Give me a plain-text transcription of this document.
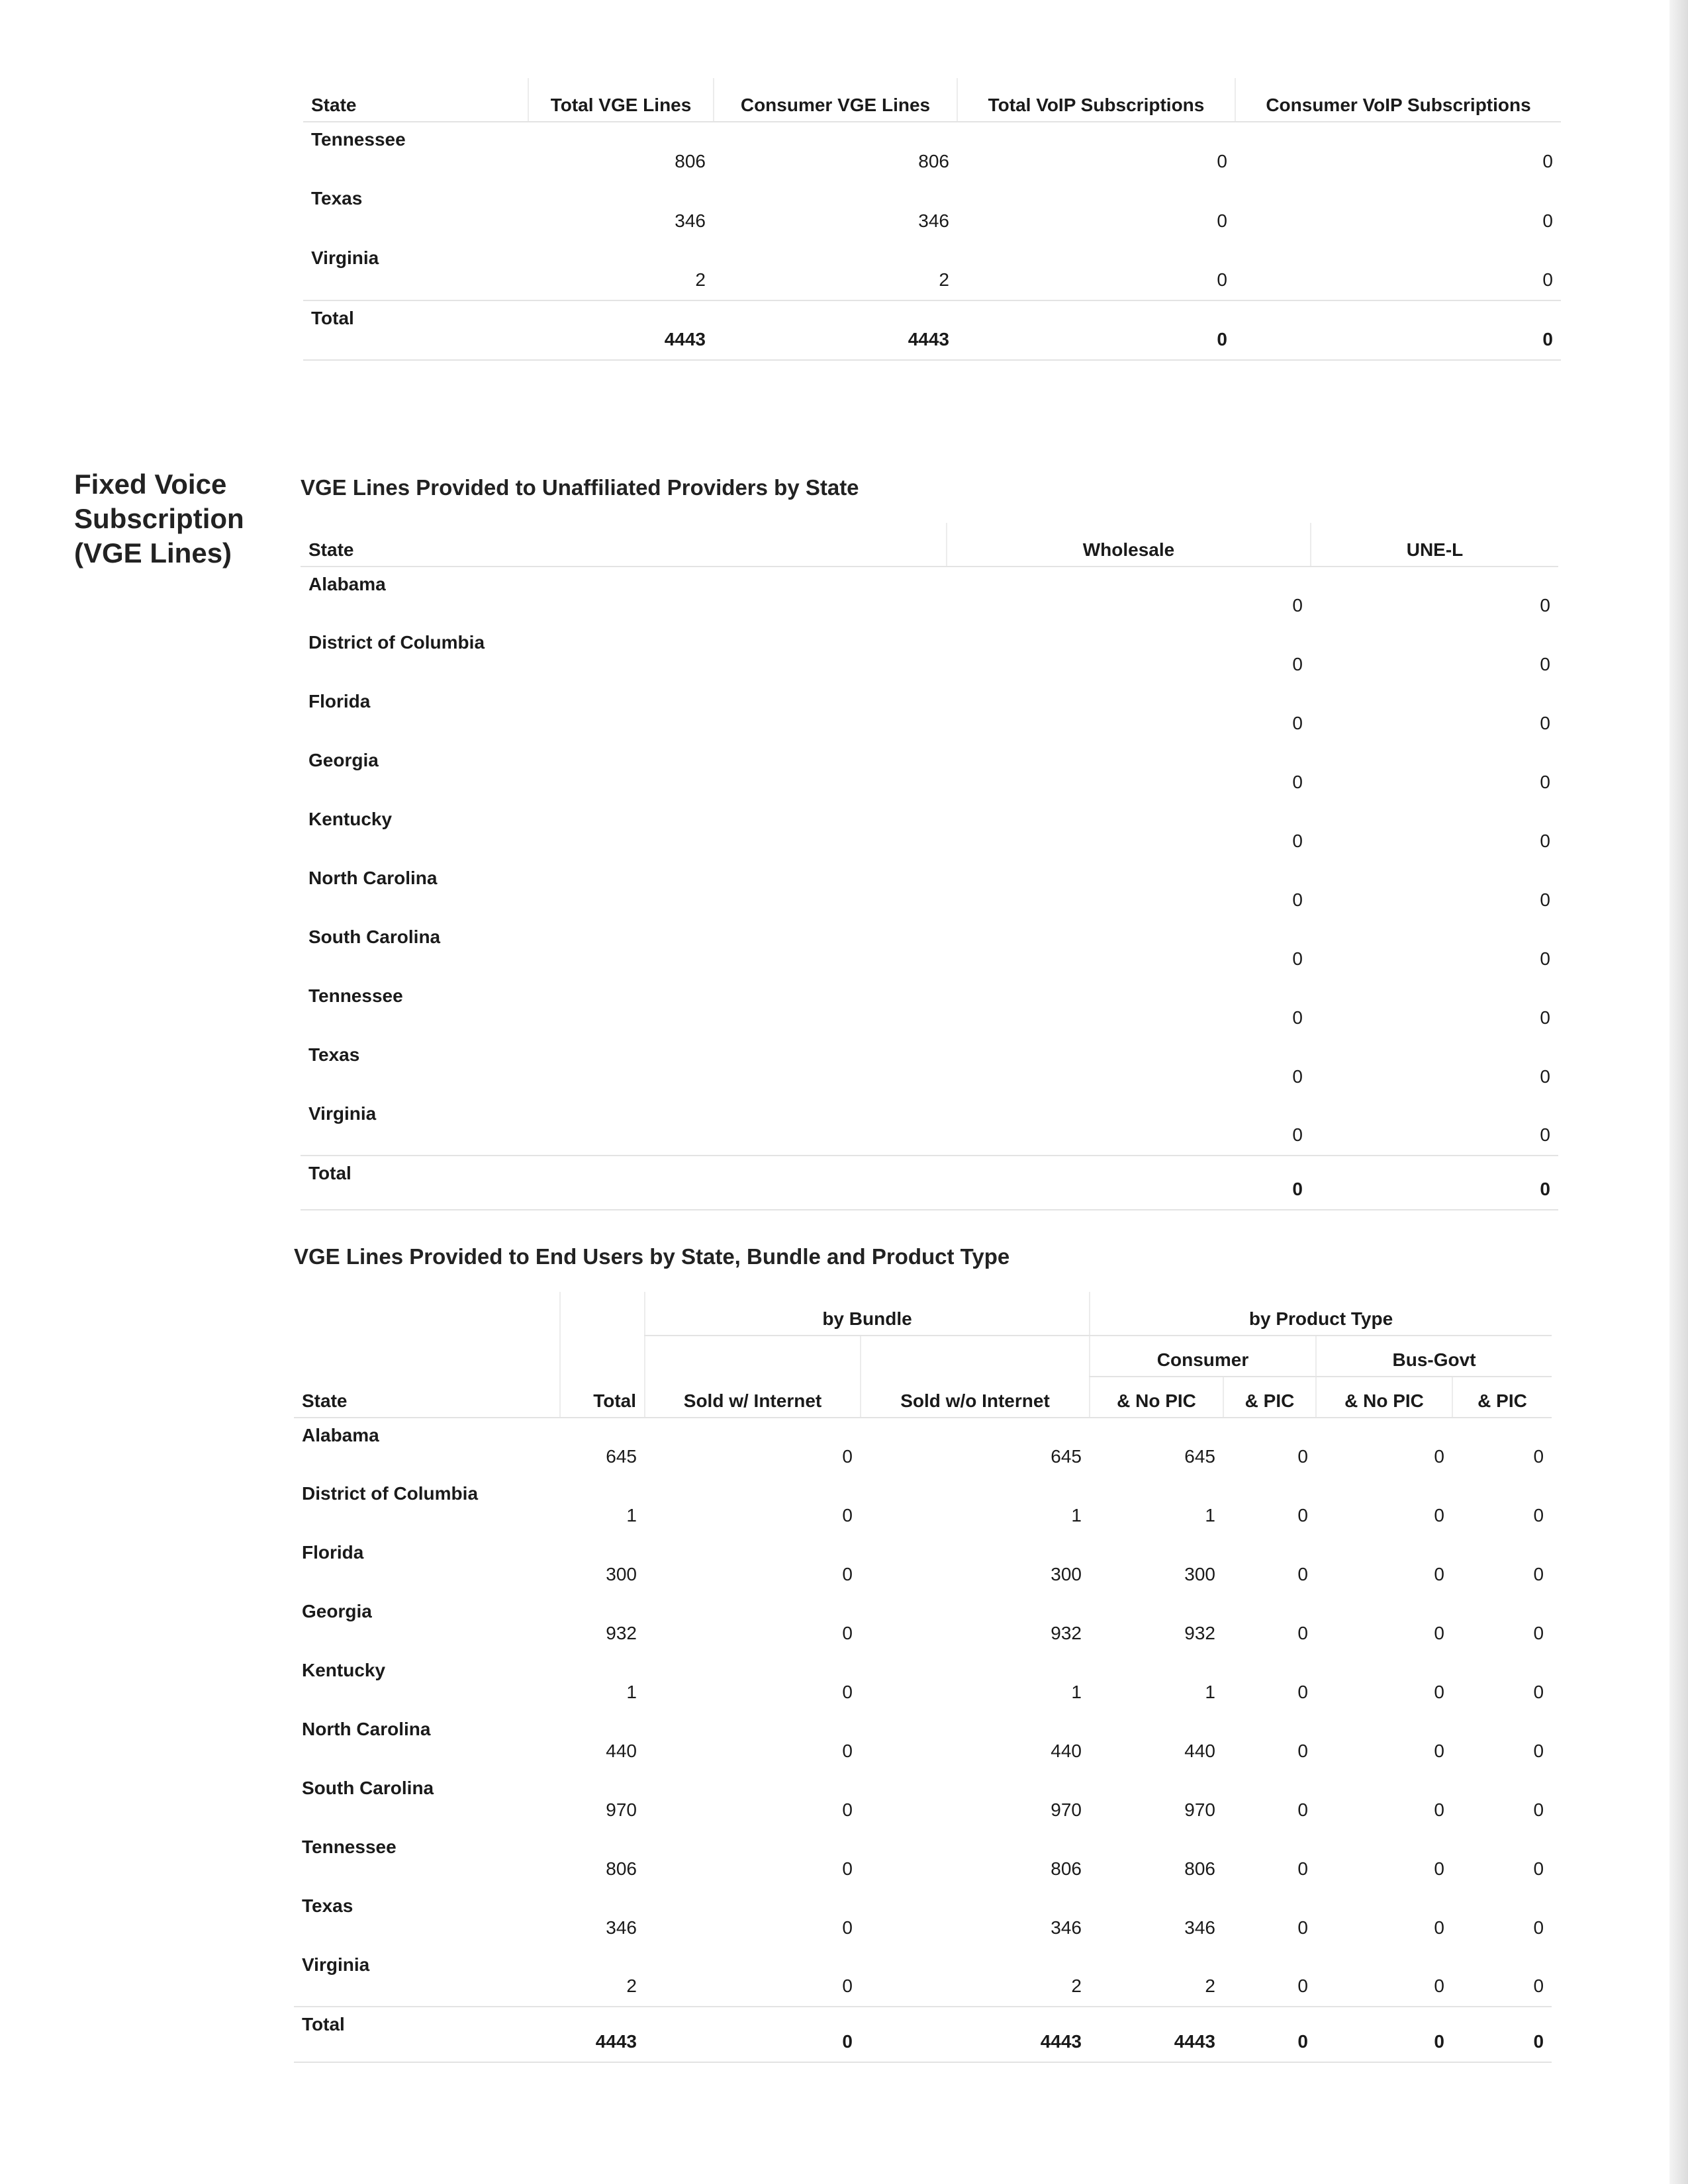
Fixed Voice
Subscription
(VGE Lines)
State	Total VGE Lines	Consumer VGE Lines	Total VoIP Subscriptions	Consumer VoIP Subscriptions
Tennessee	806	806	0	0
Texas	346	346	0	0
Virginia	2	2	0	0
Total	4443	4443	0	0
VGE Lines Provided to Unaffiliated Providers by State
State	Wholesale	UNE-L
Alabama	0	0
District of Columbia	0	0
Florida	0	0
Georgia	0	0
Kentucky	0	0
North Carolina	0	0
South Carolina	0	0
Tennessee	0	0
Texas	0	0
Virginia	0	0
Total	0	0
VGE Lines Provided to End Users by State, Bundle and Product Type
State	Total	by Bundle		by Product Type			
		Sold w/ Internet	Sold w/o Internet	Consumer		Bus-Govt	
				& No PIC	& PIC	& No PIC	& PIC
Alabama	645	0	645	645	0	0	0
District of Columbia	1	0	1	1	0	0	0
Florida	300	0	300	300	0	0	0
Georgia	932	0	932	932	0	0	0
Kentucky	1	0	1	1	0	0	0
North Carolina	440	0	440	440	0	0	0
South Carolina	970	0	970	970	0	0	0
Tennessee	806	0	806	806	0	0	0
Texas	346	0	346	346	0	0	0
Virginia	2	0	2	2	0	0	0
Total	4443	0	4443	4443	0	0	0
